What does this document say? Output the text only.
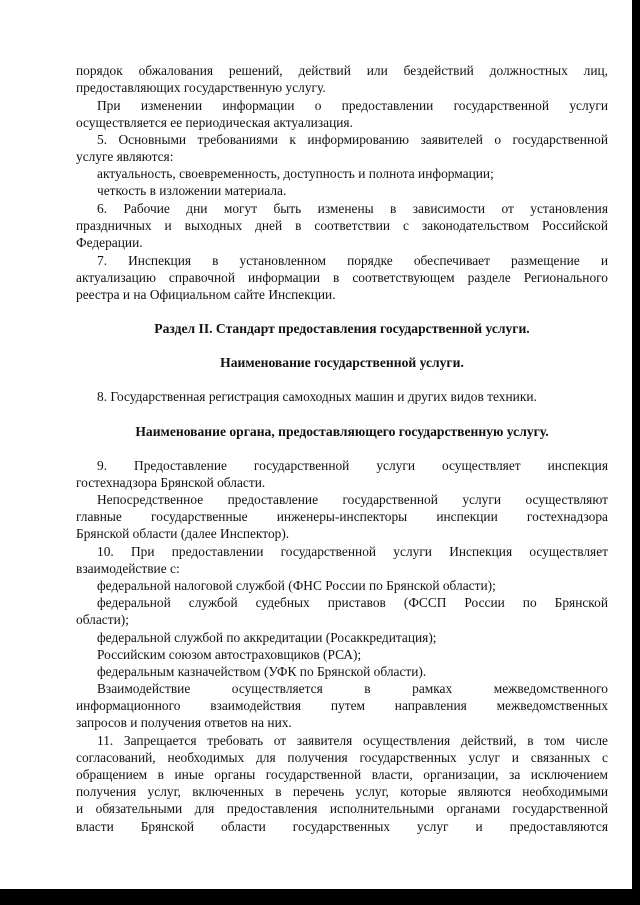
порядок обжалования решений, действий или бездействий должностных лиц,
предоставляющих государственную услугу.
При изменении информации о предоставлении государственной услуги
осуществляется ее периодическая актуализация.
5. Основными требованиями к информированию заявителей о государственной
услуге являются:
актуальность, своевременность, доступность и полнота информации;
четкость в изложении материала.
6. Рабочие дни могут быть изменены в зависимости от установления
праздничных и выходных дней в соответствии с законодательством Российской
Федерации.
7. Инспекция в установленном порядке обеспечивает размещение и
актуализацию справочной информации в соответствующем разделе Регионального
реестра и на Официальном сайте Инспекции.
Раздел II. Стандарт предоставления государственной услуги.
Наименование государственной услуги.
8. Государственная регистрация самоходных машин и других видов техники.
Наименование органа, предоставляющего государственную услугу.
9. Предоставление государственной услуги осуществляет инспекция
гостехнадзора Брянской области.
Непосредственное предоставление государственной услуги осуществляют
главные государственные инженеры-инспекторы инспекции гостехнадзора
Брянской области (далее Инспектор).
10. При предоставлении государственной услуги Инспекция осуществляет
взаимодействие с:
федеральной налоговой службой (ФНС России по Брянской области);
федеральной службой судебных приставов (ФССП России по Брянской
области);
федеральной службой по аккредитации (Росаккредитация);
Российским союзом автостраховщиков (РСА);
федеральным казначейством (УФК по Брянской области).
Взаимодействие осуществляется в рамках межведомственного
информационного взаимодействия путем направления межведомственных
запросов и получения ответов на них.
11. Запрещается требовать от заявителя осуществления действий, в том числе
согласований, необходимых для получения государственных услуг и связанных с
обращением в иные органы государственной власти, организации, за исключением
получения услуг, включенных в перечень услуг, которые являются необходимыми
и обязательными для предоставления исполнительными органами государственной
власти Брянской области государственных услуг и предоставляются
